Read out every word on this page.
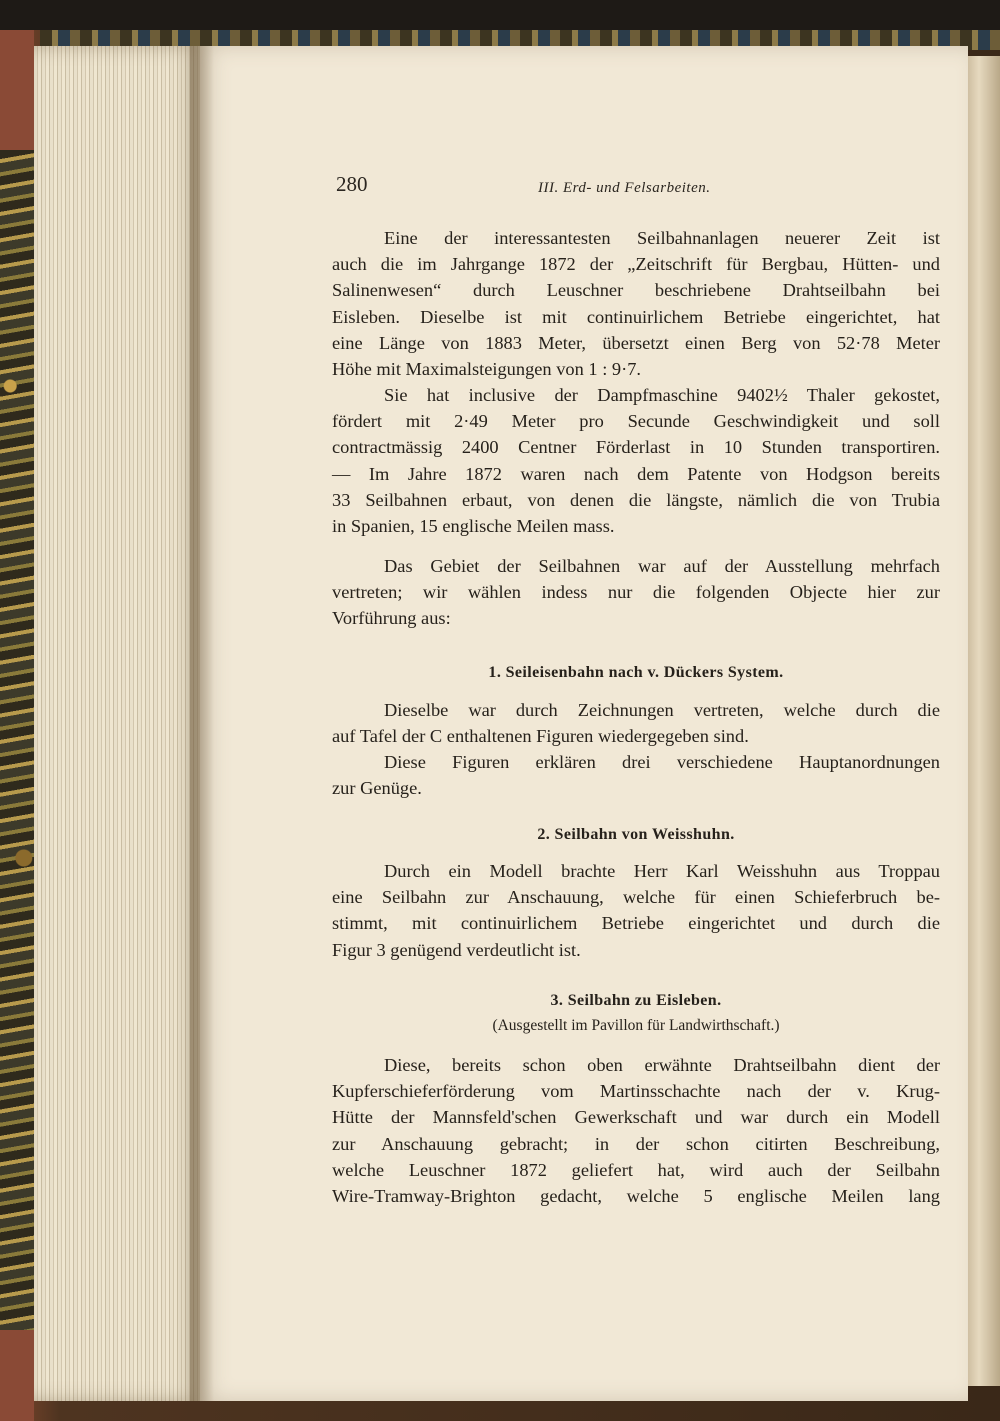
280	III. Erd- und Felsarbeiten.
Eine der interessantesten Seilbahnanlagen neuerer Zeit ist
auch die im Jahrgange 1872 der „Zeitschrift für Bergbau, Hütten- und
Salinenwesen“ durch Leuschner beschriebene Drahtseilbahn bei
Eisleben. Dieselbe ist mit continuirlichem Betriebe eingerichtet, hat
eine Länge von 1883 Meter, übersetzt einen Berg von 52·78 Meter
Höhe mit Maximalsteigungen von 1 : 9·7.
Sie hat inclusive der Dampfmaschine 9402½ Thaler gekostet,
fördert mit 2·49 Meter pro Secunde Geschwindigkeit und soll
contractmässig 2400 Centner Förderlast in 10 Stunden transportiren.
— Im Jahre 1872 waren nach dem Patente von Hodgson bereits
33 Seilbahnen erbaut, von denen die längste, nämlich die von Trubia
in Spanien, 15 englische Meilen mass.
Das Gebiet der Seilbahnen war auf der Ausstellung mehrfach
vertreten; wir wählen indess nur die folgenden Objecte hier zur
Vorführung aus:
1. Seileisenbahn nach v. Dückers System.
Dieselbe war durch Zeichnungen vertreten, welche durch die
auf Tafel der C enthaltenen Figuren wiedergegeben sind.
Diese Figuren erklären drei verschiedene Hauptanordnungen
zur Genüge.
2. Seilbahn von Weisshuhn.
Durch ein Modell brachte Herr Karl Weisshuhn aus Troppau
eine Seilbahn zur Anschauung, welche für einen Schieferbruch be-
stimmt, mit continuirlichem Betriebe eingerichtet und durch die
Figur 3 genügend verdeutlicht ist.
3. Seilbahn zu Eisleben.
(Ausgestellt im Pavillon für Landwirthschaft.)
Diese, bereits schon oben erwähnte Drahtseilbahn dient der
Kupferschieferförderung vom Martinsschachte nach der v. Krug-
Hütte der Mannsfeld'schen Gewerkschaft und war durch ein Modell
zur Anschauung gebracht; in der schon citirten Beschreibung,
welche Leuschner 1872 geliefert hat, wird auch der Seilbahn
Wire-Tramway-Brighton gedacht, welche 5 englische Meilen lang
